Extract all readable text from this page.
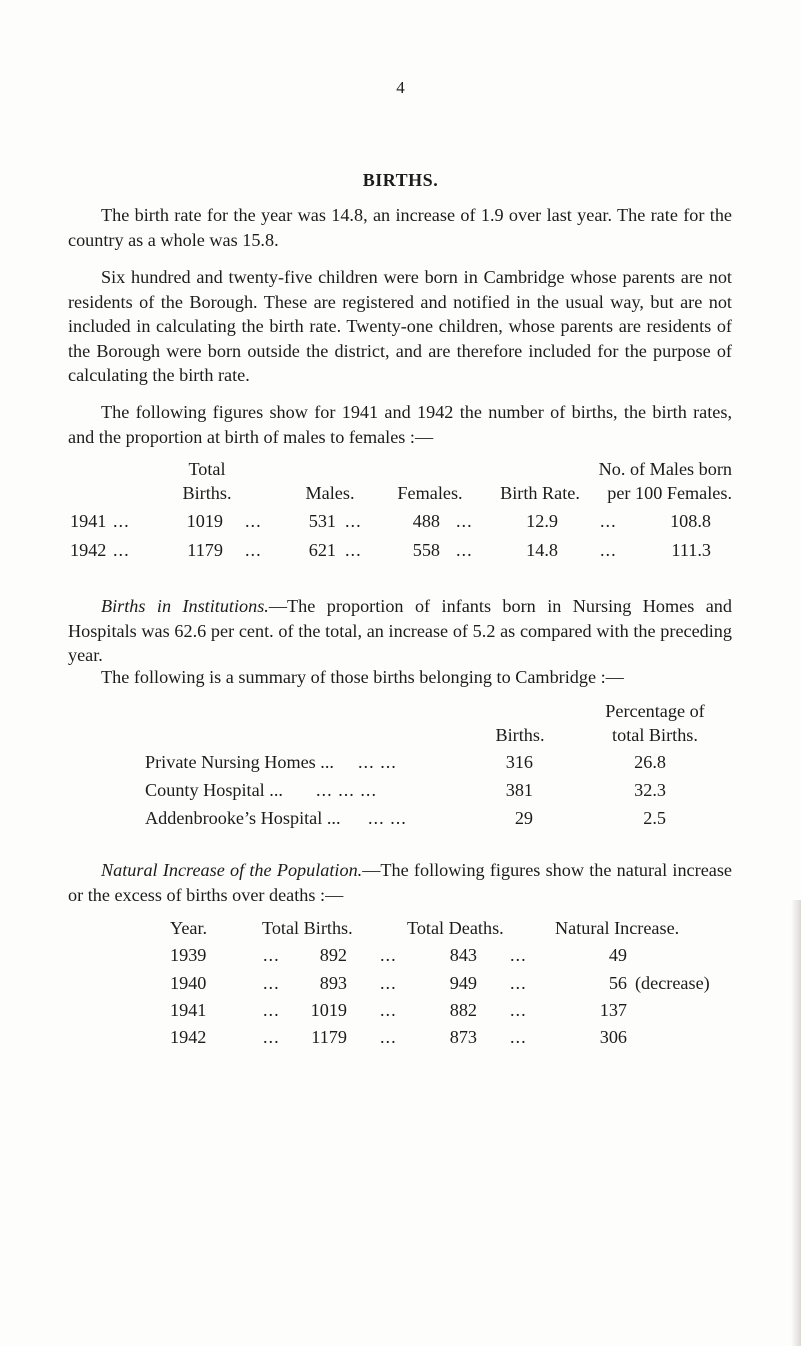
4
BIRTHS.

The birth rate for the year was 14.8, an increase of 1.9 over last year. The rate for the country as a whole was 15.8.

Six hundred and twenty-five children were born in Cambridge whose parents are not residents of the Borough. These are registered and notified in the usual way, but are not included in calculating the birth rate. Twenty-one children, whose parents are residents of the Borough were born outside the district, and are therefore included for the purpose of calculating the birth rate.

The following figures show for 1941 and 1942 the number of births, the birth rates, and the proportion at birth of males to females :—

Total
Births.	Males.	Females.	Birth Rate.
No. of Males born
per 100 Females.
1941 ...	1019 ...	531 ...	488 ...	12.9 ...	108.8
1942 ...	1179 ...	621 ...	558 ...	14.8 ...	111.3

Births in Institutions.—The proportion of infants born in Nursing Homes and Hospitals was 62.6 per cent. of the total, an increase of 5.2 as compared with the preceding year.

The following is a summary of those births belonging to Cambridge :—

Percentage of
Births.	total Births.
Private Nursing Homes ... ... ...	316	26.8
County Hospital ... ... ... ...	381	32.3
Addenbrooke’s Hospital ... ... ...	29	2.5

Natural Increase of the Population.—The following figures show the natural increase or the excess of births over deaths :—

Year.	Total Births.	Total Deaths.	Natural Increase.
1939	...	892 ...	843 ...	49
1940	...	893 ...	949 ...	56 (decrease)
1941	...	1019 ...	882 ...	137
1942	...	1179 ...	873 ...	306
